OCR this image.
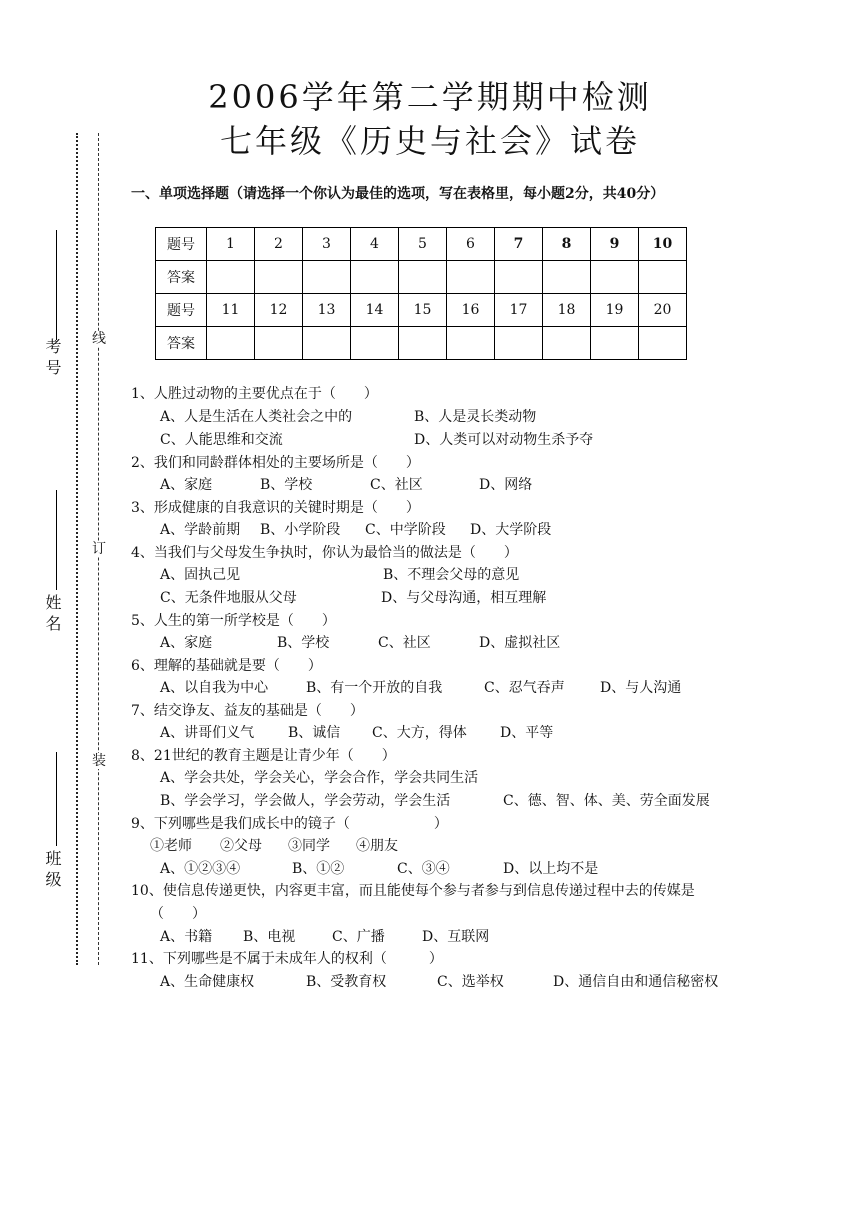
2006学年第二学期期中检测
七年级《历史与社会》试卷
线
订
装
考 号
姓 名
班 级
一、单项选择题（请选择一个你认为最佳的选项，写在表格里，每小题2分，共40分）
题号	1	2	3	4	5	6	7	8	9	10
答案										
题号	11	12	13	14	15	16	17	18	19	20
答案										
1、人胜过动物的主要优点在于（　　）
A、人是生活在人类社会之中的	B、人是灵长类动物
C、人能思维和交流	D、人类可以对动物生杀予夺
2、我们和同龄群体相处的主要场所是（　　）
A、家庭	B、学校	C、社区	D、网络
3、形成健康的自我意识的关键时期是（　　）
A、学龄前期 B、小学阶段 C、中学阶段 D、大学阶段
4、当我们与父母发生争执时，你认为最恰当的做法是（　　）
A、固执己见	B、不理会父母的意见
C、无条件地服从父母	D、与父母沟通，相互理解
5、人生的第一所学校是（　　）
A、家庭	B、学校	C、社区	D、虚拟社区
6、理解的基础就是要（　　）
A、以自我为中心	B、有一个开放的自我	C、忍气吞声	D、与人沟通
7、结交诤友、益友的基础是（　　）
A、讲哥们义气 B、诚信 C、大方，得体 D、平等
8、21世纪的教育主题是让青少年（　　）
A、学会共处，学会关心，学会合作，学会共同生活
B、学会学习，学会做人，学会劳动，学会生活	C、德、智、体、美、劳全面发展
9、下列哪些是我们成长中的镜子（　　　　　　）
①老师 ②父母 ③同学 ④朋友
A、①②③④	B、①②	C、③④	D、以上均不是
10、使信息传递更快，内容更丰富，而且能使每个参与者参与到信息传递过程中去的传媒是
（　　）
A、书籍 B、电视	C、广播	D、互联网
11、下列哪些是不属于未成年人的权利（　　　）
A、生命健康权	B、受教育权	C、选举权	D、通信自由和通信秘密权
